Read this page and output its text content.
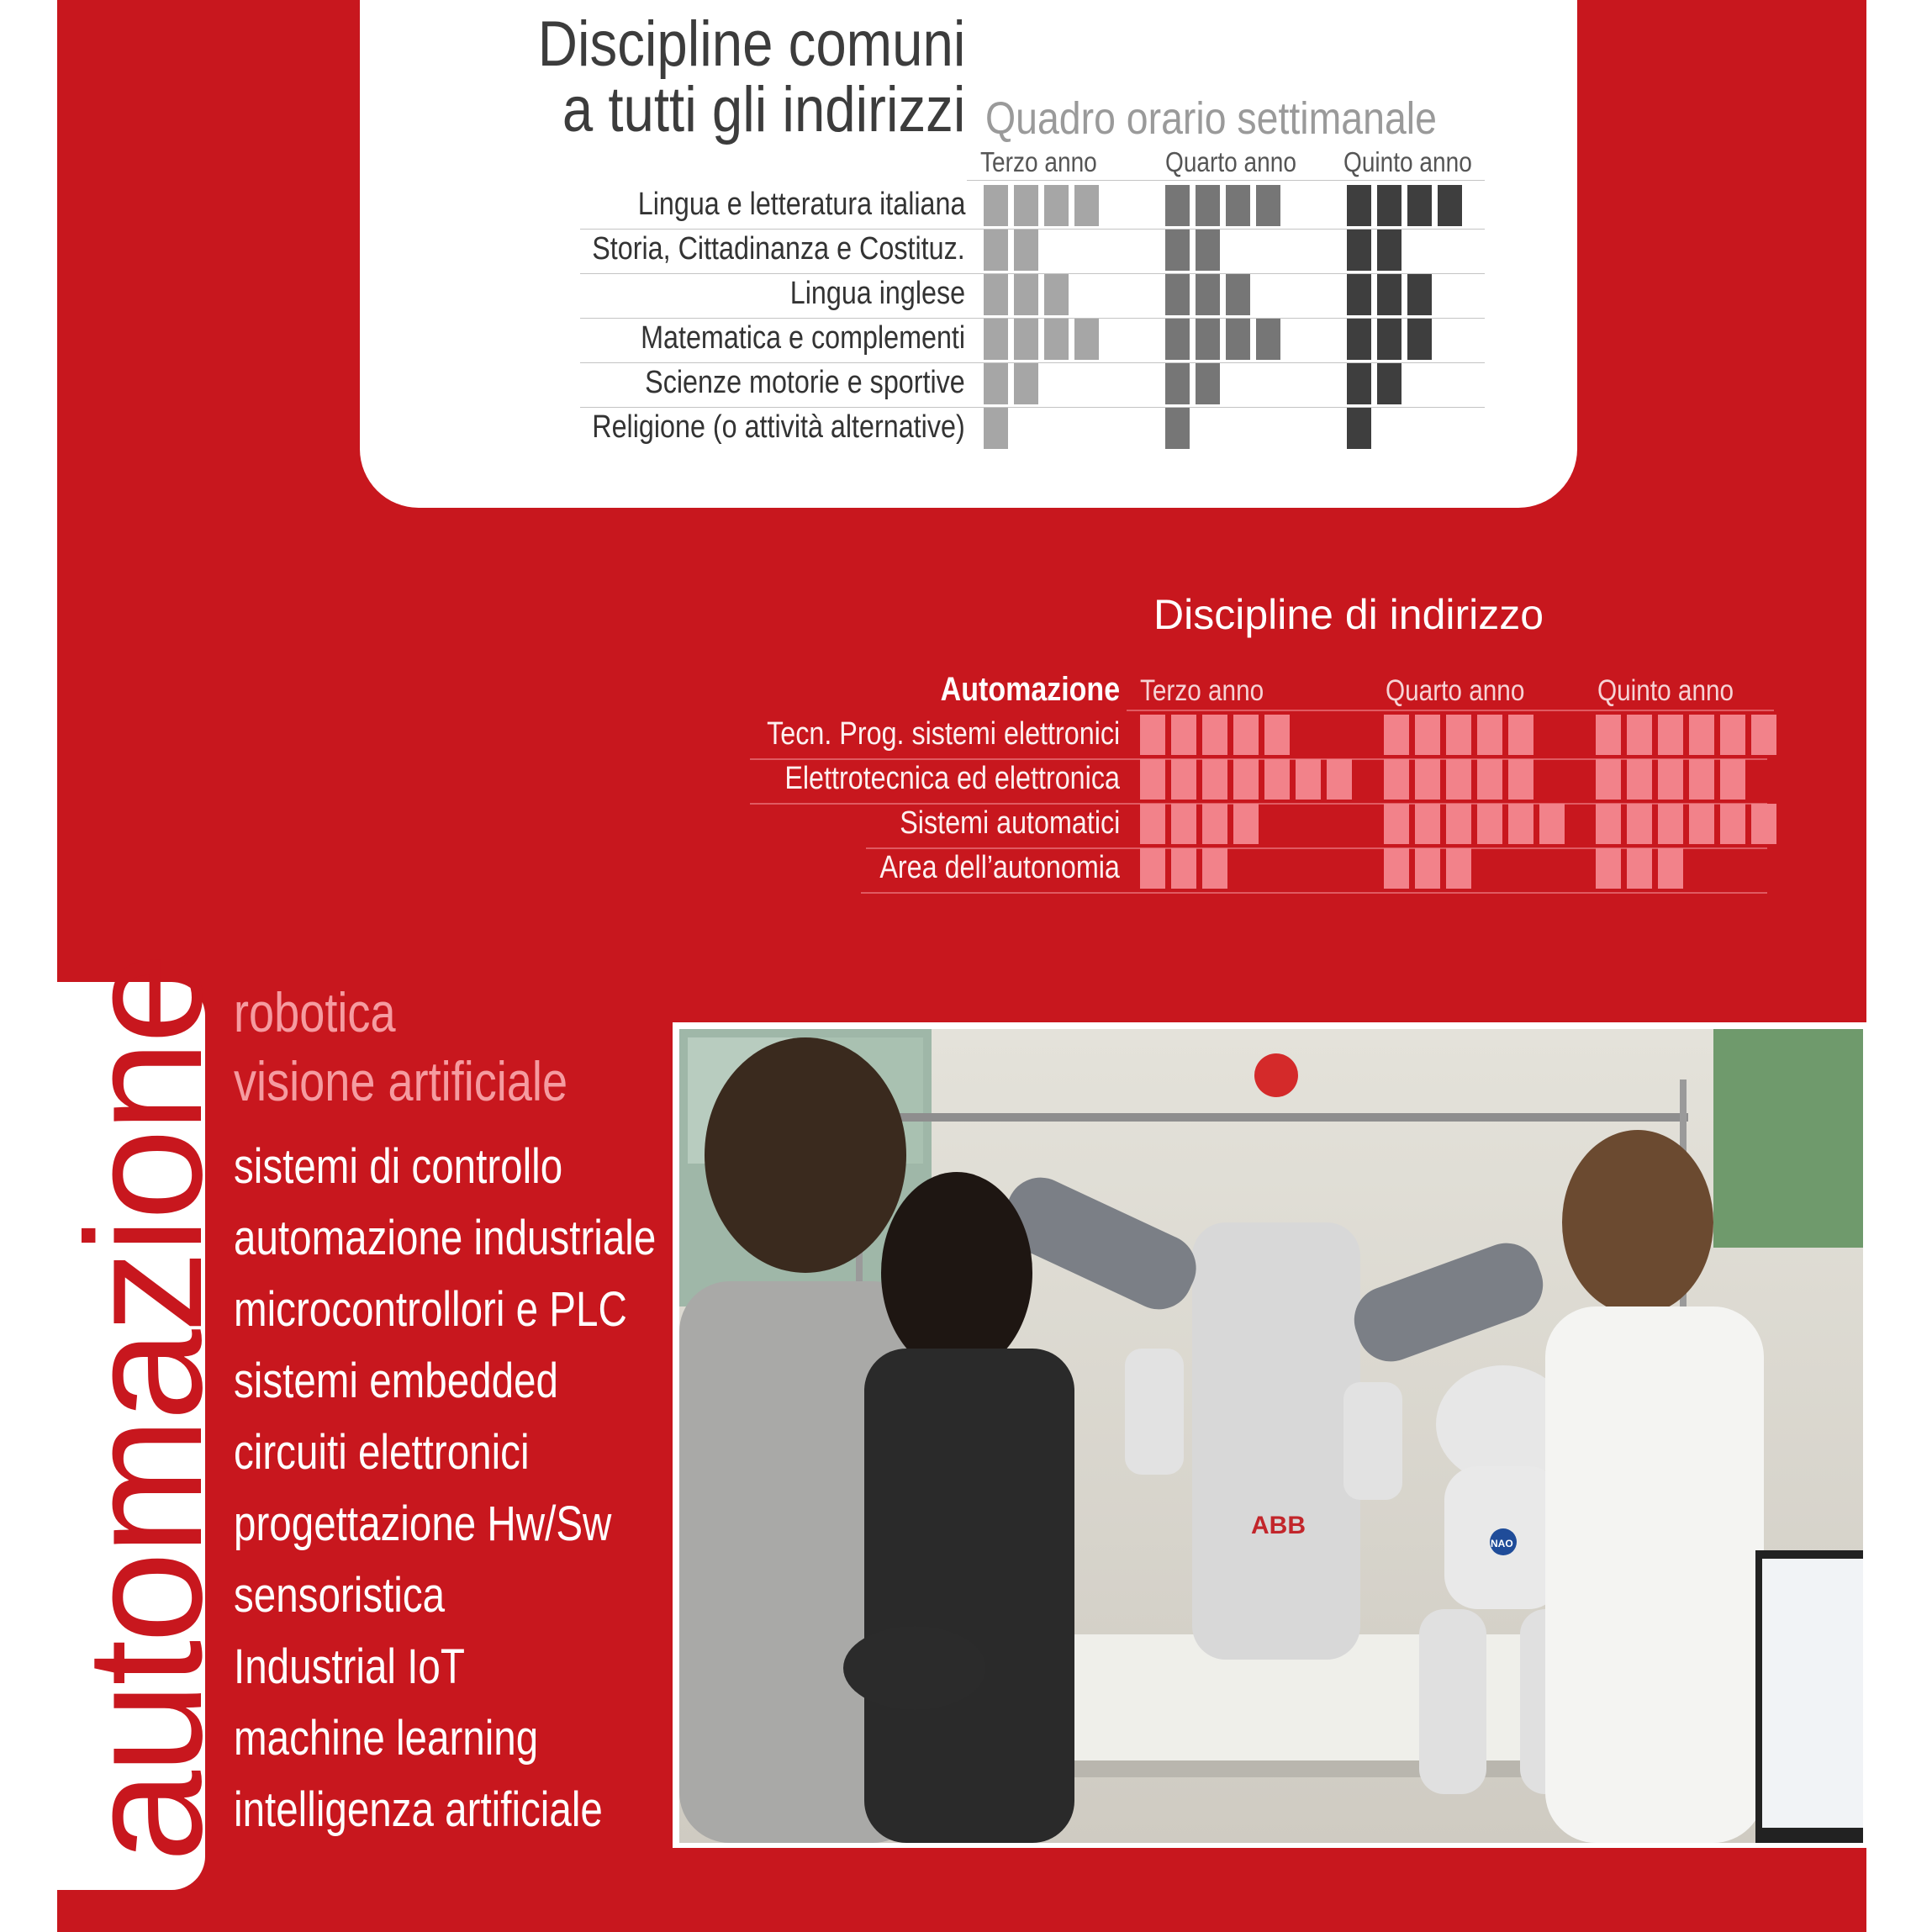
Discipline comuni
a tutti gli indirizzi Quadro orario settimanale
Terzo anno Quarto anno Quinto anno
Lingua e letteratura italiana
Storia, Cittadinanza e Costituz.
Lingua inglese
Matematica e complementi
Scienze motorie e sportive
Religione (o attività alternative)
Discipline di indirizzo
Automazione Terzo anno	Quarto anno Quinto anno
Tecn. Prog. sistemi elettronici
Elettrotecnica ed elettronica
Sistemi automatici
Area dell’autonomia
automazione
robotica
visione artificiale
sistemi di controllo
automazione industriale
microcontrollori e PLC
sistemi embedded
circuiti elettronici
progettazione Hw/Sw
sensoristica
Industrial IoT
machine learning
intelligenza artificiale
ABB
NAO
